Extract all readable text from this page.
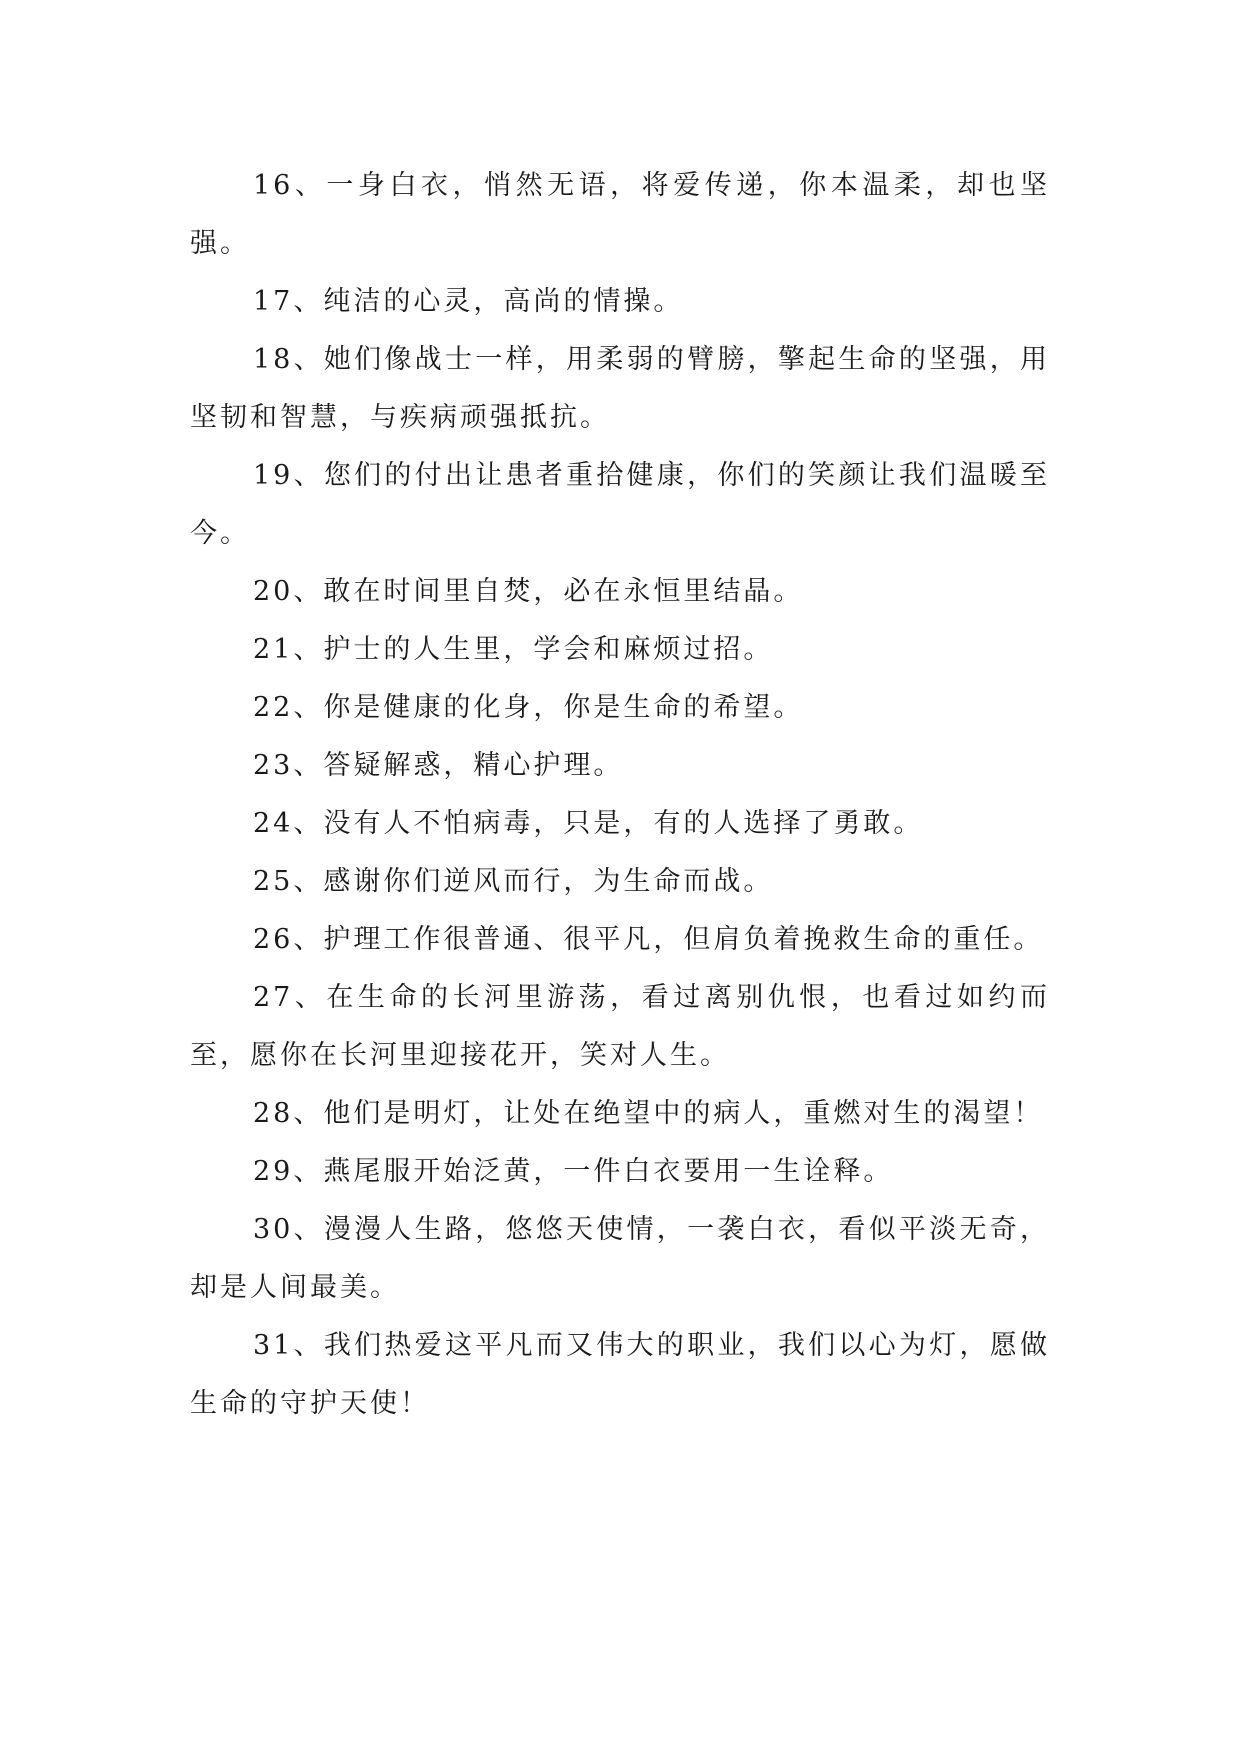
16、一身白衣，悄然无语，将爱传递，你本温柔，却也坚强。

17、纯洁的心灵，高尚的情操。

18、她们像战士一样，用柔弱的臂膀，擎起生命的坚强，用坚韧和智慧，与疾病顽强抵抗。

19、您们的付出让患者重拾健康，你们的笑颜让我们温暖至今。

20、敢在时间里自焚，必在永恒里结晶。

21、护士的人生里，学会和麻烦过招。

22、你是健康的化身，你是生命的希望。

23、答疑解惑，精心护理。

24、没有人不怕病毒，只是，有的人选择了勇敢。

25、感谢你们逆风而行，为生命而战。

26、护理工作很普通、很平凡，但肩负着挽救生命的重任。

27、在生命的长河里游荡，看过离别仇恨，也看过如约而至，愿你在长河里迎接花开，笑对人生。

28、他们是明灯，让处在绝望中的病人，重燃对生的渴望！

29、燕尾服开始泛黄，一件白衣要用一生诠释。

30、漫漫人生路，悠悠天使情，一袭白衣，看似平淡无奇，却是人间最美。

31、我们热爱这平凡而又伟大的职业，我们以心为灯，愿做生命的守护天使！
